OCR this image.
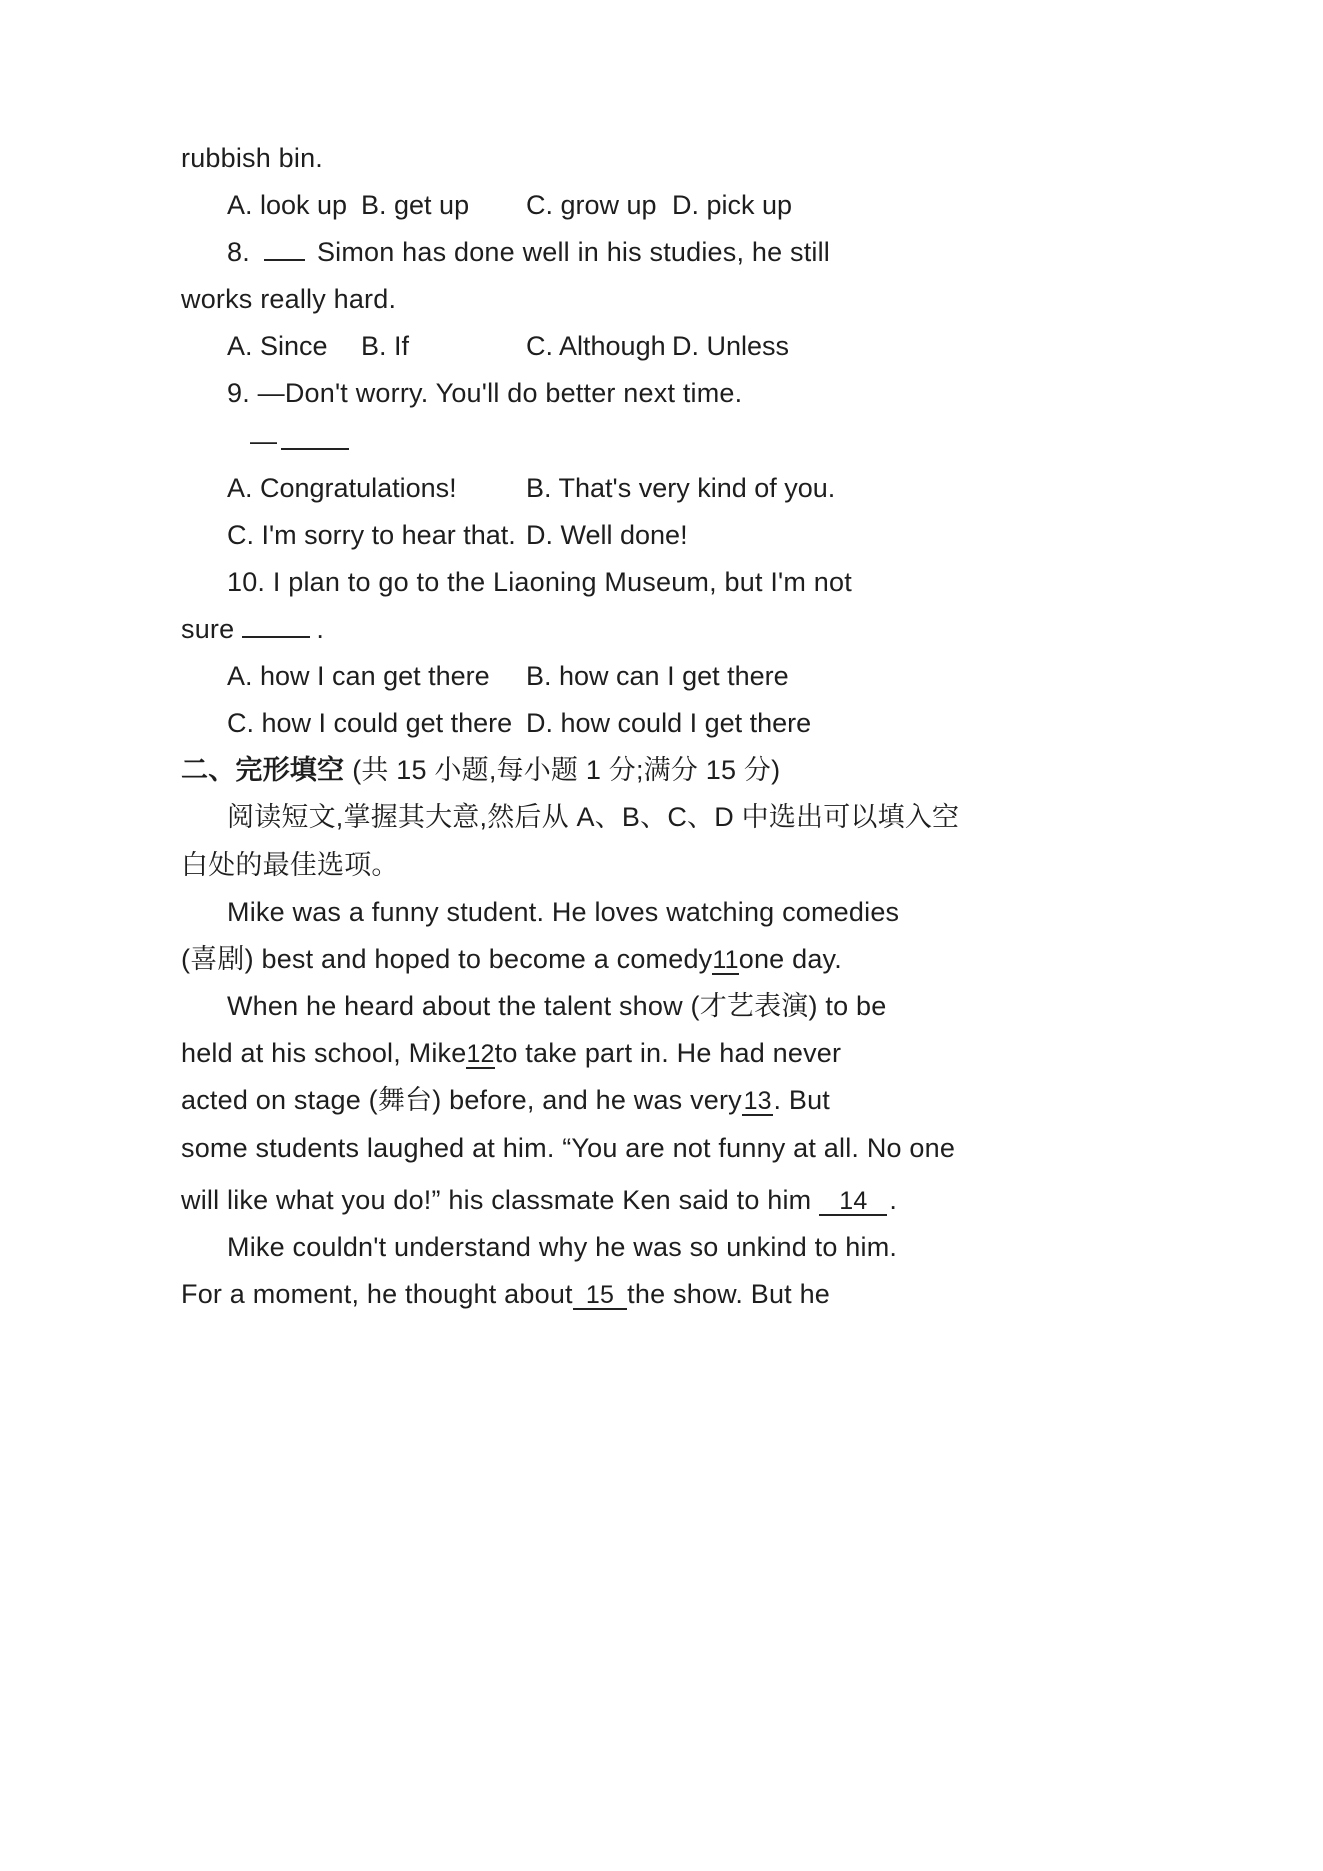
rubbish bin.
A. look up B. get up C. grow up D. pick up
8. Simon has done well in his studies, he still
works really hard.
A. Since B. If	C. Although D. Unless
9. —Don't worry. You'll do better next time.
—
A. Congratulations!	B. That's very kind of you.
C. I'm sorry to hear that. D. Well done!
10. I plan to go to the Liaoning Museum, but I'm not
sure	.
A. how I can get there B. how can I get there
C. how I could get there D. how could I get there
二、完形填空 (共 15 小题,每小题 1 分;满分 15 分)
阅读短文,掌握其大意,然后从 A、B、C、D 中选出可以填入空
白处的最佳选项。
Mike was a funny student. He loves watching comedies
(喜剧) best and hoped to become a comedy 11 one day.
When he heard about the talent show (才艺表演) to be
held at his school, Mike 12 to take part in. He had never
acted on stage (舞台) before, and he was very 13 . But
some students laughed at him. “You are not funny at all. No one
will like what you do!” his classmate Ken said to him 14 .
Mike couldn't understand why he was so unkind to him.
For a moment, he thought about 15 the show. But he
